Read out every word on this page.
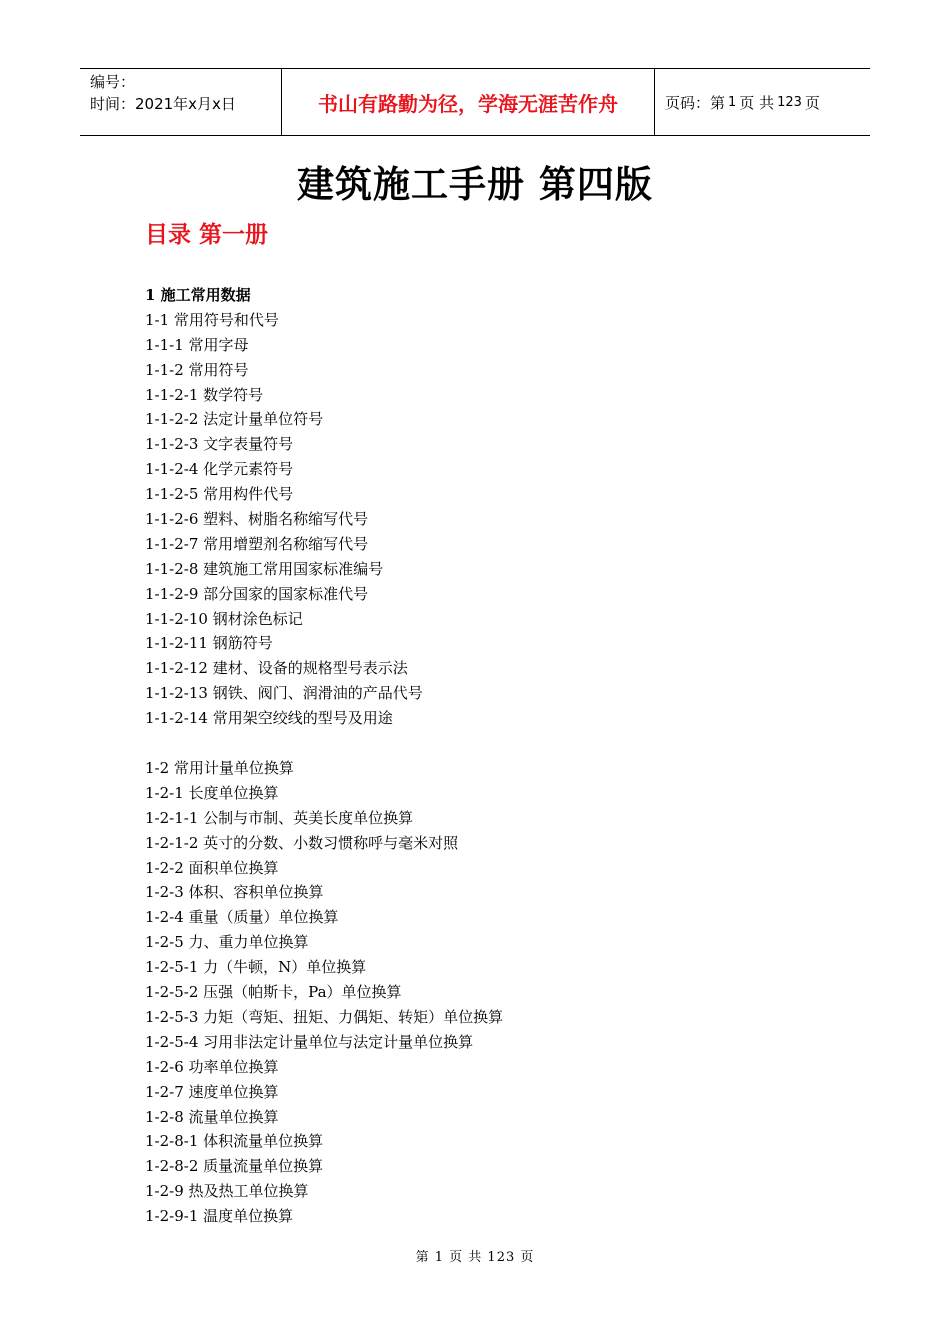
编号：
时间：2021年x月x日	书山有路勤为径，学海无涯苦作舟	页码：第 1 页 共 123 页
建筑施工手册 第四版
目录 第一册
1 施工常用数据
1-1 常用符号和代号
1-1-1 常用字母
1-1-2 常用符号
1-1-2-1 数学符号
1-1-2-2 法定计量单位符号
1-1-2-3 文字表量符号
1-1-2-4 化学元素符号
1-1-2-5 常用构件代号
1-1-2-6 塑料、树脂名称缩写代号
1-1-2-7 常用增塑剂名称缩写代号
1-1-2-8 建筑施工常用国家标准编号
1-1-2-9 部分国家的国家标准代号
1-1-2-10 钢材涂色标记
1-1-2-11 钢筋符号
1-1-2-12 建材、设备的规格型号表示法
1-1-2-13 钢铁、阀门、润滑油的产品代号
1-1-2-14 常用架空绞线的型号及用途
1-2 常用计量单位换算
1-2-1 长度单位换算
1-2-1-1 公制与市制、英美长度单位换算
1-2-1-2 英寸的分数、小数习惯称呼与毫米对照
1-2-2 面积单位换算
1-2-3 体积、容积单位换算
1-2-4 重量（质量）单位换算
1-2-5 力、重力单位换算
1-2-5-1 力（牛顿，N）单位换算
1-2-5-2 压强（帕斯卡，Pa）单位换算
1-2-5-3 力矩（弯矩、扭矩、力偶矩、转矩）单位换算
1-2-5-4 习用非法定计量单位与法定计量单位换算
1-2-6 功率单位换算
1-2-7 速度单位换算
1-2-8 流量单位换算
1-2-8-1 体积流量单位换算
1-2-8-2 质量流量单位换算
1-2-9 热及热工单位换算
1-2-9-1 温度单位换算
第 1 页 共 123 页
